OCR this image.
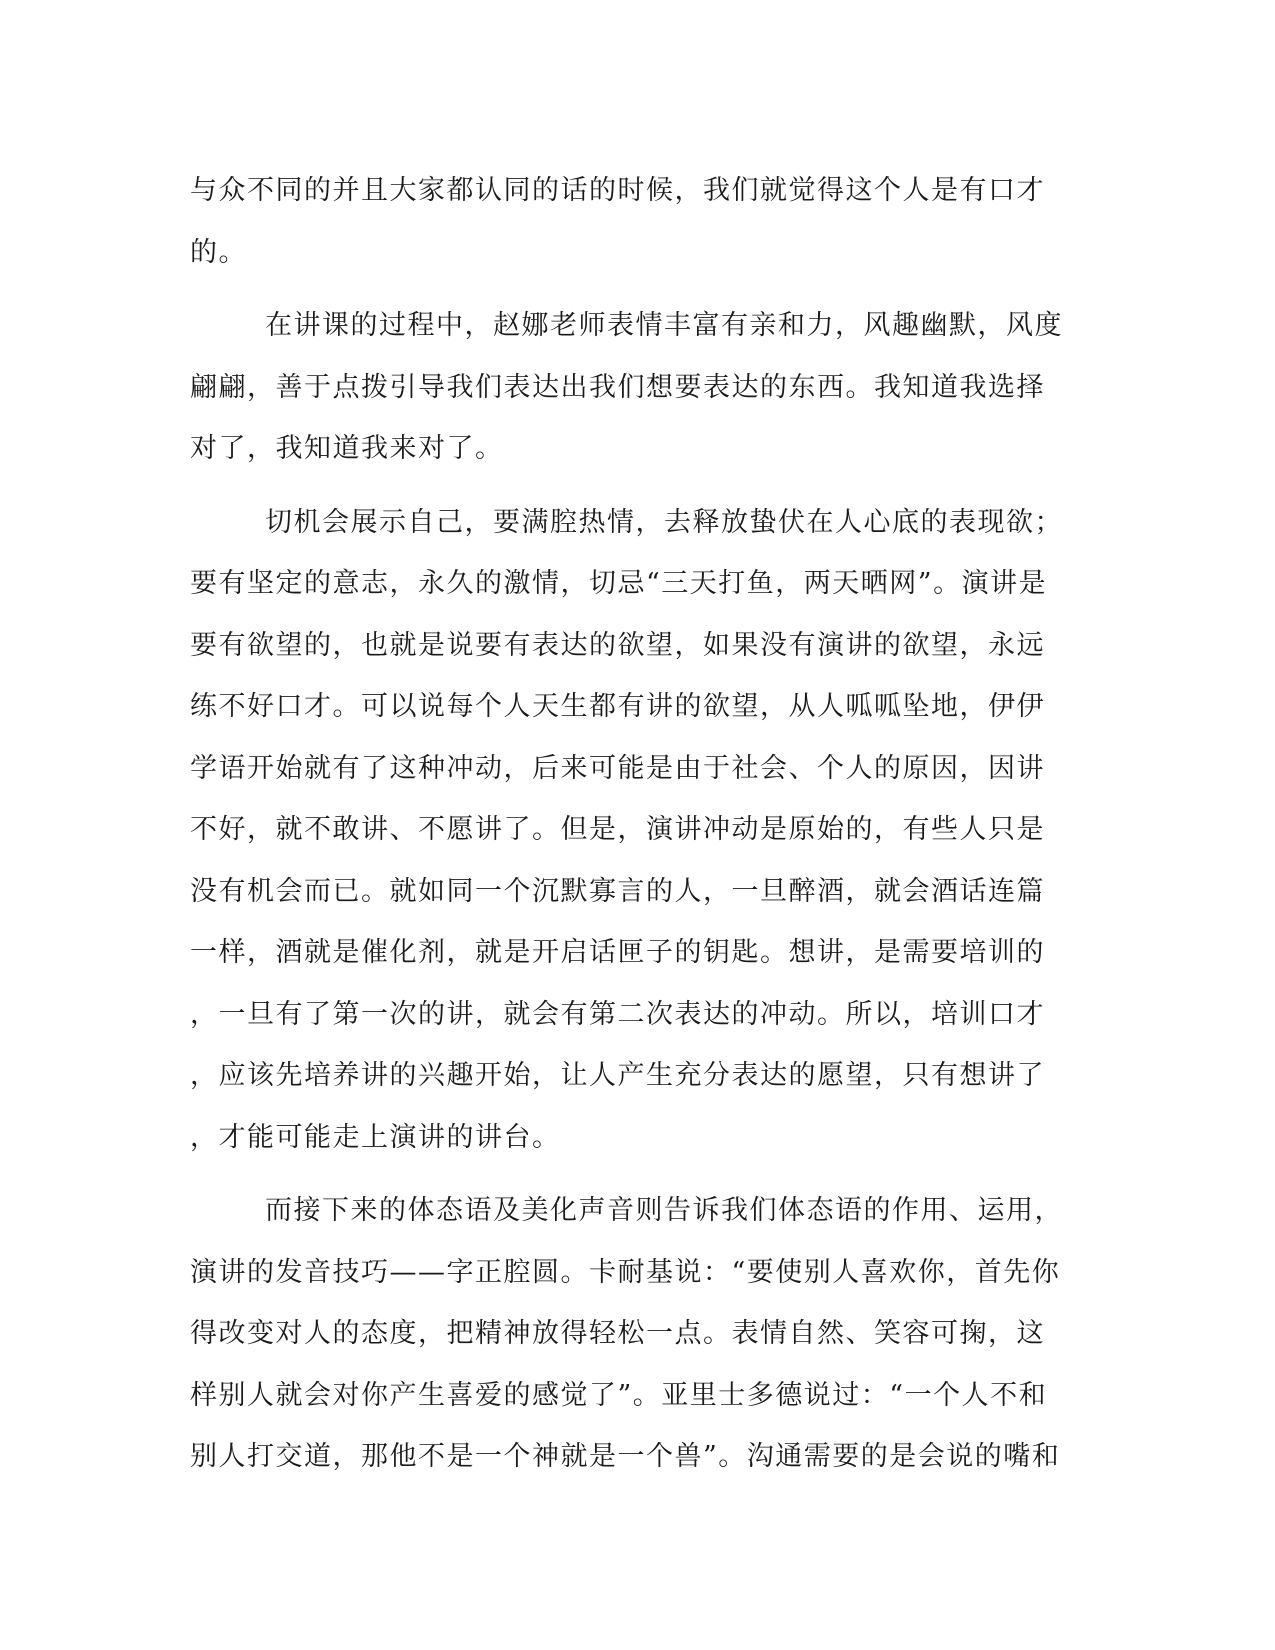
与众不同的并且大家都认同的话的时候，我们就觉得这个人是有口才
的。
在讲课的过程中，赵娜老师表情丰富有亲和力，风趣幽默，风度
翩翩，善于点拨引导我们表达出我们想要表达的东西。我知道我选择
对了，我知道我来对了。
切机会展示自己，要满腔热情，去释放蛰伏在人心底的表现欲；
要有坚定的意志，永久的激情，切忌“三天打鱼，两天晒网”。演讲是
要有欲望的，也就是说要有表达的欲望，如果没有演讲的欲望，永远
练不好口才。可以说每个人天生都有讲的欲望，从人呱呱坠地，伊伊
学语开始就有了这种冲动，后来可能是由于社会、个人的原因，因讲
不好，就不敢讲、不愿讲了。但是，演讲冲动是原始的，有些人只是
没有机会而已。就如同一个沉默寡言的人，一旦醉酒，就会酒话连篇
一样，酒就是催化剂，就是开启话匣子的钥匙。想讲，是需要培训的
，一旦有了第一次的讲，就会有第二次表达的冲动。所以，培训口才
，应该先培养讲的兴趣开始，让人产生充分表达的愿望，只有想讲了
，才能可能走上演讲的讲台。
而接下来的体态语及美化声音则告诉我们体态语的作用、运用，
演讲的发音技巧——字正腔圆。卡耐基说：“要使别人喜欢你，首先你
得改变对人的态度，把精神放得轻松一点。表情自然、笑容可掬，这
样别人就会对你产生喜爱的感觉了”。亚里士多德说过：“一个人不和
别人打交道，那他不是一个神就是一个兽”。沟通需要的是会说的嘴和
